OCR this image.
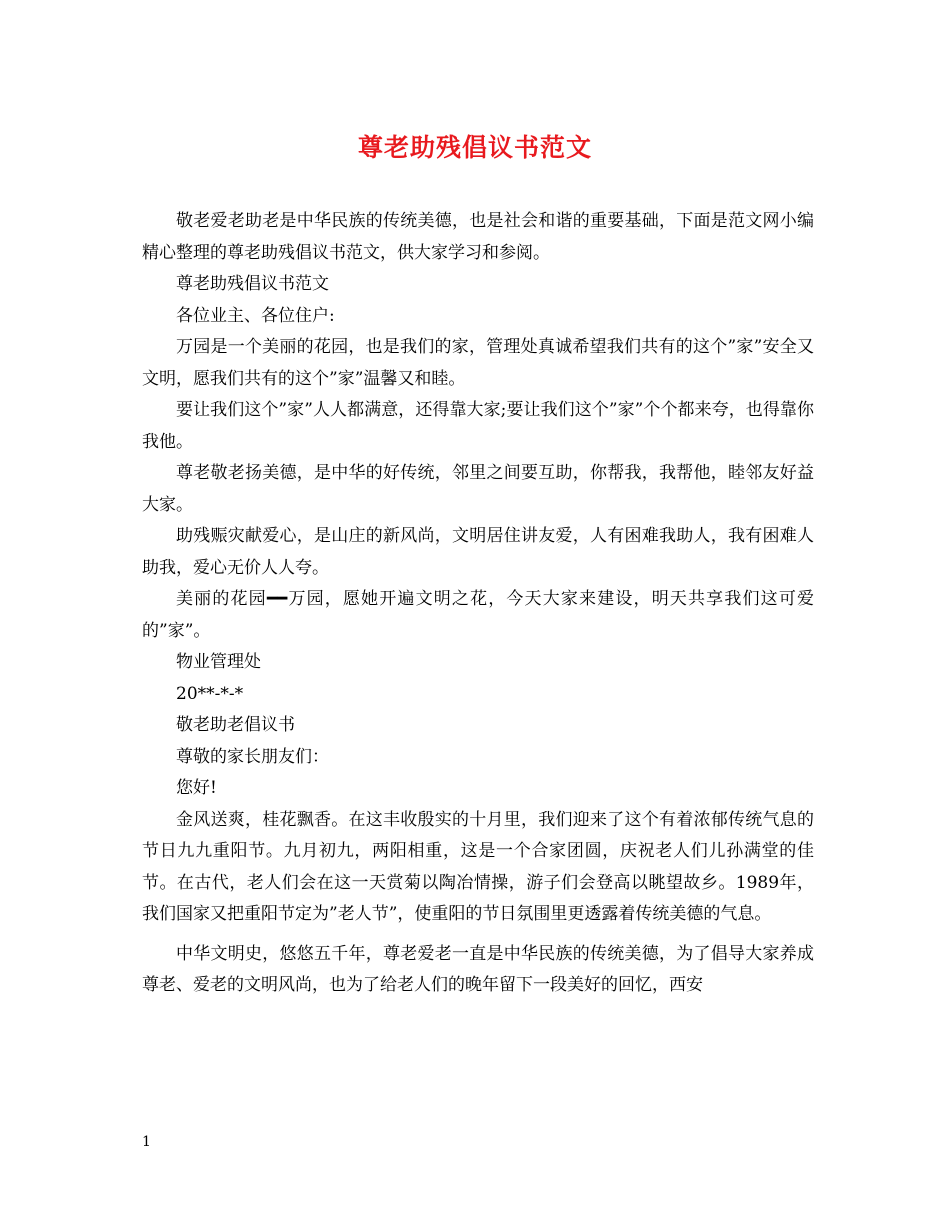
尊老助残倡议书范文

敬老爱老助老是中华民族的传统美德，也是社会和谐的重要基础，下面是范文网小编精心整理的尊老助残倡议书范文，供大家学习和参阅。

尊老助残倡议书范文

各位业主、各位住户:

万园是一个美丽的花园，也是我们的家，管理处真诚希望我们共有的这个”家”安全又文明，愿我们共有的这个”家”温馨又和睦。

要让我们这个”家”人人都满意，还得靠大家;要让我们这个”家”个个都来夸，也得靠你我他。

尊老敬老扬美德，是中华的好传统，邻里之间要互助，你帮我，我帮他，睦邻友好益大家。

助残赈灾献爱心，是山庄的新风尚，文明居住讲友爱，人有困难我助人，我有困难人助我，爱心无价人人夸。

美丽的花园━━万园，愿她开遍文明之花，今天大家来建设，明天共享我们这可爱的”家”。

物业管理处

20**-*-*

敬老助老倡议书

尊敬的家长朋友们：

您好!

金风送爽，桂花飘香。在这丰收殷实的十月里，我们迎来了这个有着浓郁传统气息的节日九九重阳节。九月初九，两阳相重，这是一个合家团圆，庆祝老人们儿孙满堂的佳节。在古代，老人们会在这一天赏菊以陶冶情操，游子们会登高以眺望故乡。1989年，我们国家又把重阳节定为”老人节”，使重阳的节日氛围里更透露着传统美德的气息。

中华文明史，悠悠五千年，尊老爱老一直是中华民族的传统美德，为了倡导大家养成尊老、爱老的文明风尚，也为了给老人们的晚年留下一段美好的回忆，西安

1
